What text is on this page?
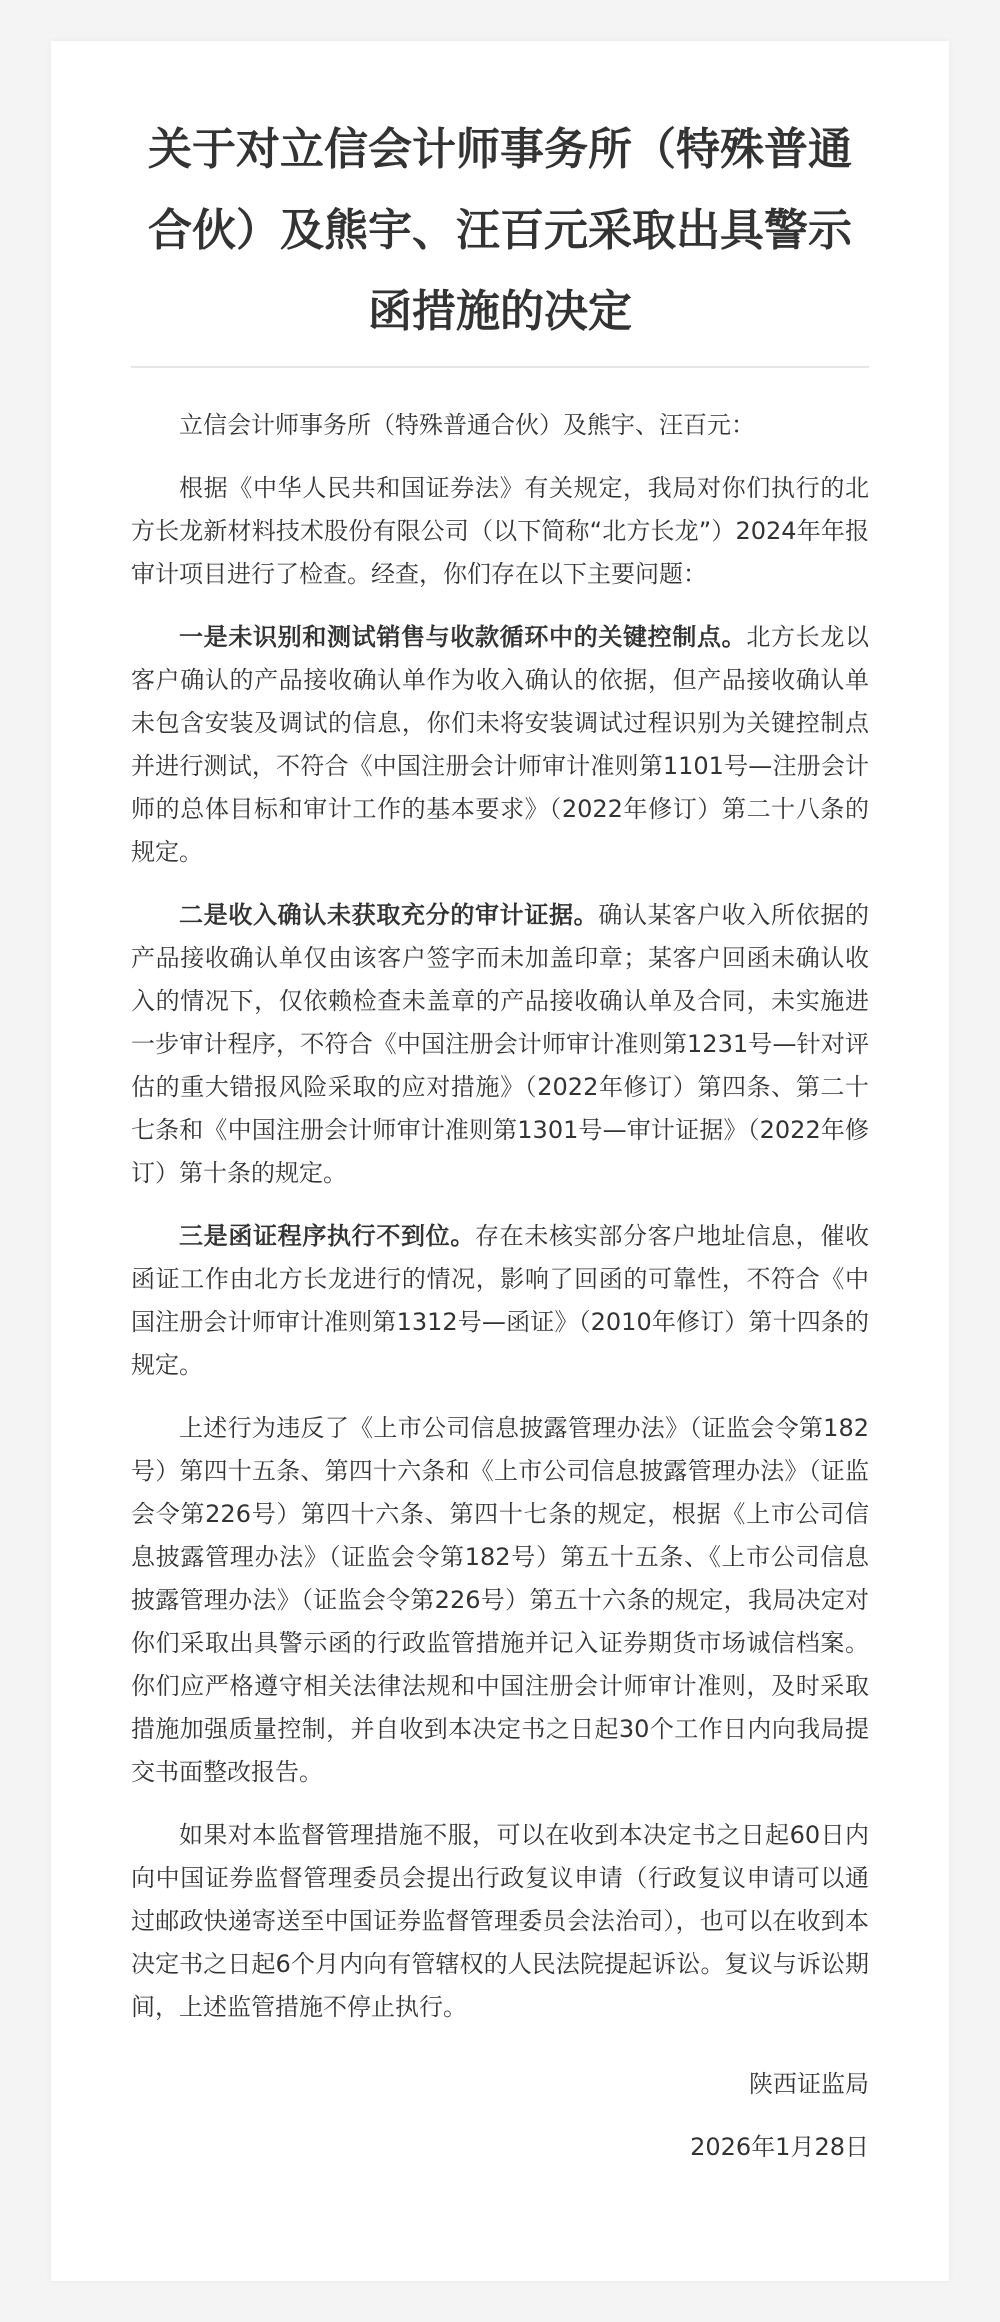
关于对立信会计师事务所（特殊普通合伙）及熊宇、汪百元采取出具警示函措施的决定

立信会计师事务所（特殊普通合伙）及熊宇、汪百元：

根据《中华人民共和国证券法》有关规定，我局对你们执行的北方长龙新材料技术股份有限公司（以下简称“北方长龙”）2024年年报审计项目进行了检查。经查，你们存在以下主要问题：

一是未识别和测试销售与收款循环中的关键控制点。北方长龙以客户确认的产品接收确认单作为收入确认的依据，但产品接收确认单未包含安装及调试的信息，你们未将安装调试过程识别为关键控制点并进行测试，不符合《中国注册会计师审计准则第1101号—注册会计师的总体目标和审计工作的基本要求》（2022年修订）第二十八条的规定。

二是收入确认未获取充分的审计证据。确认某客户收入所依据的产品接收确认单仅由该客户签字而未加盖印章；某客户回函未确认收入的情况下，仅依赖检查未盖章的产品接收确认单及合同，未实施进一步审计程序，不符合《中国注册会计师审计准则第1231号—针对评估的重大错报风险采取的应对措施》（2022年修订）第四条、第二十七条和《中国注册会计师审计准则第1301号—审计证据》（2022年修订）第十条的规定。

三是函证程序执行不到位。存在未核实部分客户地址信息，催收函证工作由北方长龙进行的情况，影响了回函的可靠性，不符合《中国注册会计师审计准则第1312号—函证》（2010年修订）第十四条的规定。

上述行为违反了《上市公司信息披露管理办法》（证监会令第182号）第四十五条、第四十六条和《上市公司信息披露管理办法》（证监会令第226号）第四十六条、第四十七条的规定，根据《上市公司信息披露管理办法》（证监会令第182号）第五十五条、《上市公司信息披露管理办法》（证监会令第226号）第五十六条的规定，我局决定对你们采取出具警示函的行政监管措施并记入证券期货市场诚信档案。你们应严格遵守相关法律法规和中国注册会计师审计准则，及时采取措施加强质量控制，并自收到本决定书之日起30个工作日内向我局提交书面整改报告。

如果对本监督管理措施不服，可以在收到本决定书之日起60日内向中国证券监督管理委员会提出行政复议申请（行政复议申请可以通过邮政快递寄送至中国证券监督管理委员会法治司），也可以在收到本决定书之日起6个月内向有管辖权的人民法院提起诉讼。复议与诉讼期间，上述监管措施不停止执行。

陕西证监局
2026年1月28日
